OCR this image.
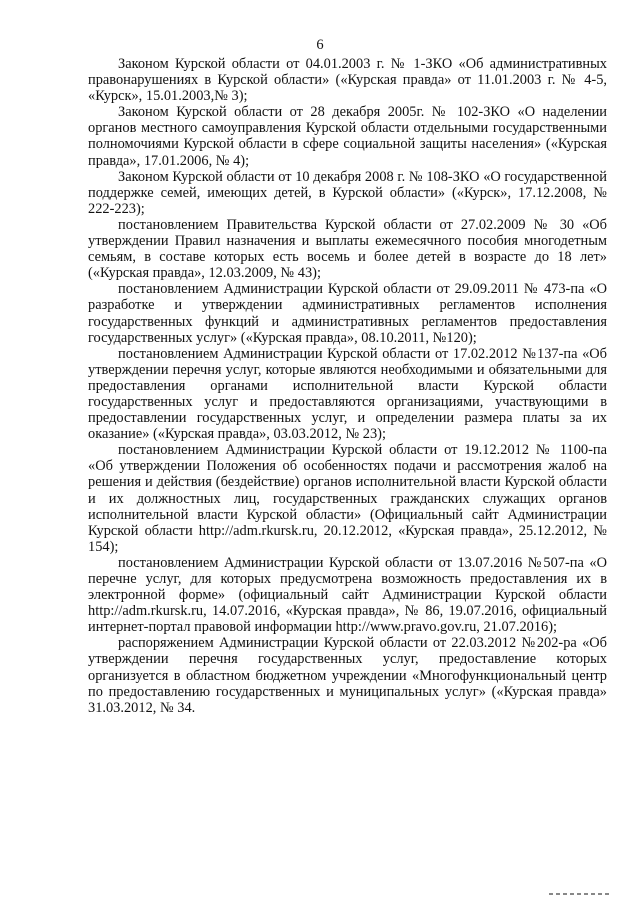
6

Законом Курской области от 04.01.2003 г. № 1-ЗКО «Об административных правонарушениях в Курской области» («Курская правда» от 11.01.2003 г. № 4-5, «Курск», 15.01.2003,№ 3);

Законом Курской области от 28 декабря 2005г. № 102-ЗКО «О наделении органов местного самоуправления Курской области отдельными государственными полномочиями Курской области в сфере социальной защиты населения» («Курская правда», 17.01.2006, № 4);

Законом Курской области от 10 декабря 2008 г. № 108-ЗКО «О государственной поддержке семей, имеющих детей, в Курской области» («Курск», 17.12.2008, № 222-223);

постановлением Правительства Курской области от 27.02.2009 № 30 «Об утверждении Правил назначения и выплаты ежемесячного пособия многодетным семьям, в составе которых есть восемь и более детей в возрасте до 18 лет» («Курская правда», 12.03.2009, № 43);

постановлением Администрации Курской области от 29.09.2011 № 473-па «О разработке и утверждении административных регламентов исполнения государственных функций и административных регламентов предоставления государственных услуг» («Курская правда», 08.10.2011, №120);

постановлением Администрации Курской области от 17.02.2012 №137-па «Об утверждении перечня услуг, которые являются необходимыми и обязательными для предоставления органами исполнительной власти Курской области государственных услуг и предоставляются организациями, участвующими в предоставлении государственных услуг, и определении размера платы за их оказание» («Курская правда», 03.03.2012, № 23);

постановлением Администрации Курской области от 19.12.2012 № 1100-па «Об утверждении Положения об особенностях подачи и рассмотрения жалоб на решения и действия (бездействие) органов исполнительной власти Курской области и их должностных лиц, государственных гражданских служащих органов исполнительной власти Курской области» (Официальный сайт Администрации Курской области http://adm.rkursk.ru, 20.12.2012, «Курская правда», 25.12.2012, № 154);

постановлением Администрации Курской области от 13.07.2016 №507-па «О перечне услуг, для которых предусмотрена возможность предоставления их в электронной форме» (официальный сайт Администрации Курской области http://adm.rkursk.ru, 14.07.2016, «Курская правда», № 86, 19.07.2016, официальный интернет-портал правовой информации http://www.pravo.gov.ru, 21.07.2016);

распоряжением Администрации Курской области от 22.03.2012 №202-ра «Об утверждении перечня государственных услуг, предоставление которых организуется в областном бюджетном учреждении «Многофункциональный центр по предоставлению государственных и муниципальных услуг» («Курская правда» 31.03.2012, № 34.
